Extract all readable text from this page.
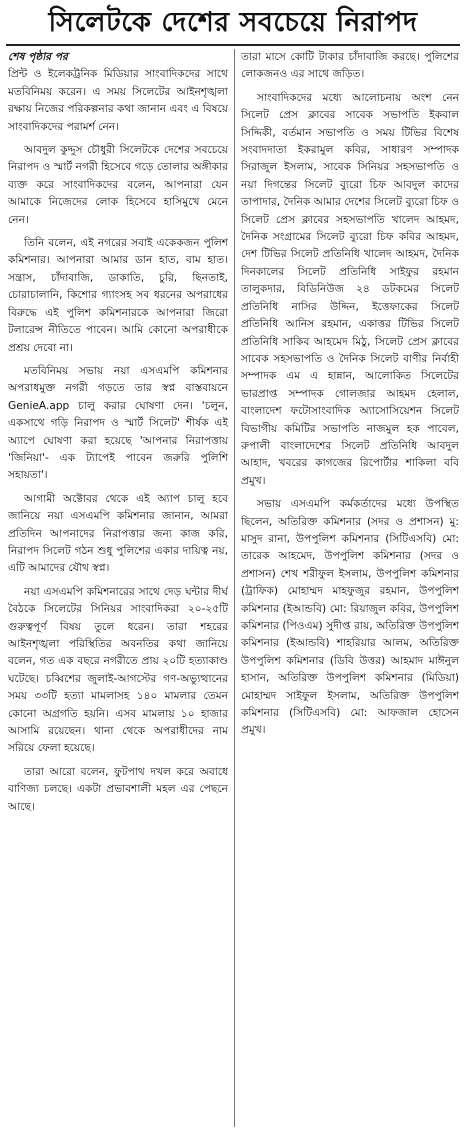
সিলেটকে দেশের সবচেয়ে নিরাপদ
শেষ পৃষ্ঠার পর

প্রিন্ট ও ইলেকট্রনিক মিডিয়ার সাংবাদিকদের সাথে মতবিনিময় করেন। এ সময় সিলেটের আইনশৃঙ্খলা রক্ষায় নিজের পরিকল্পনার কথা জানান এবং এ বিষয়ে সাংবাদিকদের পরামর্শ নেন।

আবদুল কুদ্দুস চৌধুরী সিলেটকে দেশের সবচেয়ে নিরাপদ ও স্মার্ট নগরী হিসেবে গড়ে তোলার অঙ্গীকার ব্যক্ত করে সাংবাদিকদের বলেন, আপনারা যেন আমাকে নিজেদের লোক হিসেবে হাসিমুখে মেনে নেন।

তিনি বলেন, এই নগরের সবাই একেকজন পুলিশ কমিশনার। আপনারা আমার ডান হাত, বাম হাত। সন্ত্রাস, চাঁদাবাজি, ডাকাতি, চুরি, ছিনতাই, চোরাচালানি, কিশোর গ্যাংসহ সব ধরনের অপরাধের বিরুদ্ধে এই পুলিশ কমিশনারকে আপনারা জিরো টলারেন্স নীতিতে পাবেন। আমি কোনো অপরাধীকে প্রশ্রয় দেবো না।

মতবিনিময় সভায় নয়া এসএমপি কমিশনার অপরাধমুক্ত নগরী গড়তে তার স্বপ্ন বাস্তবায়নে GenieA.app চালু করার ঘোষণা দেন। 'চলুন, একসাথে গড়ি নিরাপদ ও স্মার্ট সিলেট' শীর্ষক এই অ্যাপে ঘোষণা করা হয়েছে 'আপনার নিরাপত্তায় 'জিনিয়া'- এক ট্যাপেই পাবেন জরুরি পুলিশি সহায়তা'।

আগামী অক্টোবর থেকে এই অ্যাপ চালু হবে জানিয়ে নয়া এসএমপি কমিশনার জানান, আমরা প্রতিদিন আপনাদের নিরাপত্তার জন্য কাজ করি, নিরাপদ সিলেট গঠন শুধু পুলিশের একার দায়িত্ব নয়, এটি আমাদের যৌথ স্বপ্ন।

নয়া এসএমপি কমিশনারের সাথে দেড় ঘন্টার দীর্ঘ বৈঠকে সিলেটের সিনিয়র সাংবাদিকরা ২০-২৫টি গুরুত্বপূর্ণ বিষয় তুলে ধরেন। তারা শহরের আইনশৃঙ্খলা পরিস্থিতির অবনতির কথা জানিয়ে বলেন, গত এক বছরে নগরীতে প্রায় ২০টি হত্যাকাণ্ড ঘটেছে। চব্বিশের জুলাই-আগস্টের গণ-অভ্যুত্থানের সময় ৩৩টি হত্যা মামলাসহ ১৪০ মামলার তেমন কোনো অগ্রগতি হয়নি। এসব মামলায় ১০ হাজার আসামি রয়েছেন। থানা থেকে অপরাধীদের নাম সরিয়ে ফেলা হয়েছে।

তারা আরো বলেন, ফুটপাথ দখল করে অবাধে বাণিজ্য চলছে। একটা প্রভাবশালী মহল এর পেছনে আছে।

তারা মাসে কোটি টাকার চাঁদাবাজি করছে। পুলিশের লোকজনও এর সাথে জড়িত।

সাংবাদিকদের মধ্যে আলোচনায় অংশ নেন সিলেট প্রেস ক্লাবের সাবেক সভাপতি ইকবাল সিদ্দিকী, বর্তমান সভাপতি ও সময় টিভির বিশেষ সংবাদদাতা ইকরামুল কবির, সাধারণ সম্পাদক সিরাজুল ইসলাম, সাবেক সিনিয়র সহসভাপতি ও নয়া দিগন্তের সিলেট ব্যুরো চিফ আবদুল কাদের তাপাদার, দৈনিক আমার দেশের সিলেট ব্যুরো চিফ ও সিলেট প্রেস ক্লাবের সহসভাপতি খালেদ আহমদ, দৈনিক সংগ্রামের সিলেট ব্যুরো চিফ কবির আহমদ, দেশ টিভির সিলেট প্রতিনিধি খালেদ আহমদ, দৈনিক দিনকালের সিলেট প্রতিনিধি সাইফুর রহমান তালুকদার, বিডিনিউজ ২৪ ডটকমের সিলেট প্রতিনিধি নাসির উদ্দিন, ইত্তেফাকের সিলেট প্রতিনিধি আনিস রহমান, একাত্তর টিভির সিলেট প্রতিনিধি সাকিব আহমেদ মিঠু, সিলেট প্রেস ক্লাবের সাবেক সহসভাপতি ও দৈনিক সিলেট বাণীর নির্বাহী সম্পাদক এম এ হান্নান, আলোকিত সিলেটের ভারপ্রাপ্ত সম্পাদক গোলজার আহমদ হেলাল, বাংলাদেশ ফটোসাংবাদিক অ্যাসোসিয়েশন সিলেট বিভাগীয় কমিটির সভাপতি নাজমুল হক পাবেল, রুপালী বাংলাদেশের সিলেট প্রতিনিধি আবদুল আহাদ, খবরের কাগজের রিপোর্টার শাকিলা ববি প্রমুখ।

সভায় এসএমপি কর্মকর্তাদের মধ্যে উপস্থিত ছিলেন, অতিরিক্ত কমিশনার (সদর ও প্রশাসন) মু: মাসুদ রানা, উপপুলিশ কমিশনার (সিটিএসবি) মো: তারেক আহমেদ, উপপুলিশ কমিশনার (সদর ও প্রশাসন) শেখ শরীফুল ইসলাম, উপপুলিশ কমিশনার (ট্রাফিক) মোহাম্মদ মাহফুজুর রহমান, উপপুলিশ কমিশনার (ইআন্ডবি) মো: রিয়াজুল কবির, উপপুলিশ কমিশনার (পিওএম) সুদীপ্ত রায়, অতিরিক্ত উপপুলিশ কমিশনার (ইআন্ডবি) শাহরিয়ার আলম, অতিরিক্ত উপপুলিশ কমিশনার (ডিবি উত্তর) আহমাদ মাঈনুল হাসান, অতিরিক্ত উপপুলিশ কমিশনার (মিডিয়া) মোহাম্মদ সাইফুল ইসলাম, অতিরিক্ত উপপুলিশ কমিশনার (সিটিএসবি) মো: আফজাল হোসেন প্রমুখ।
